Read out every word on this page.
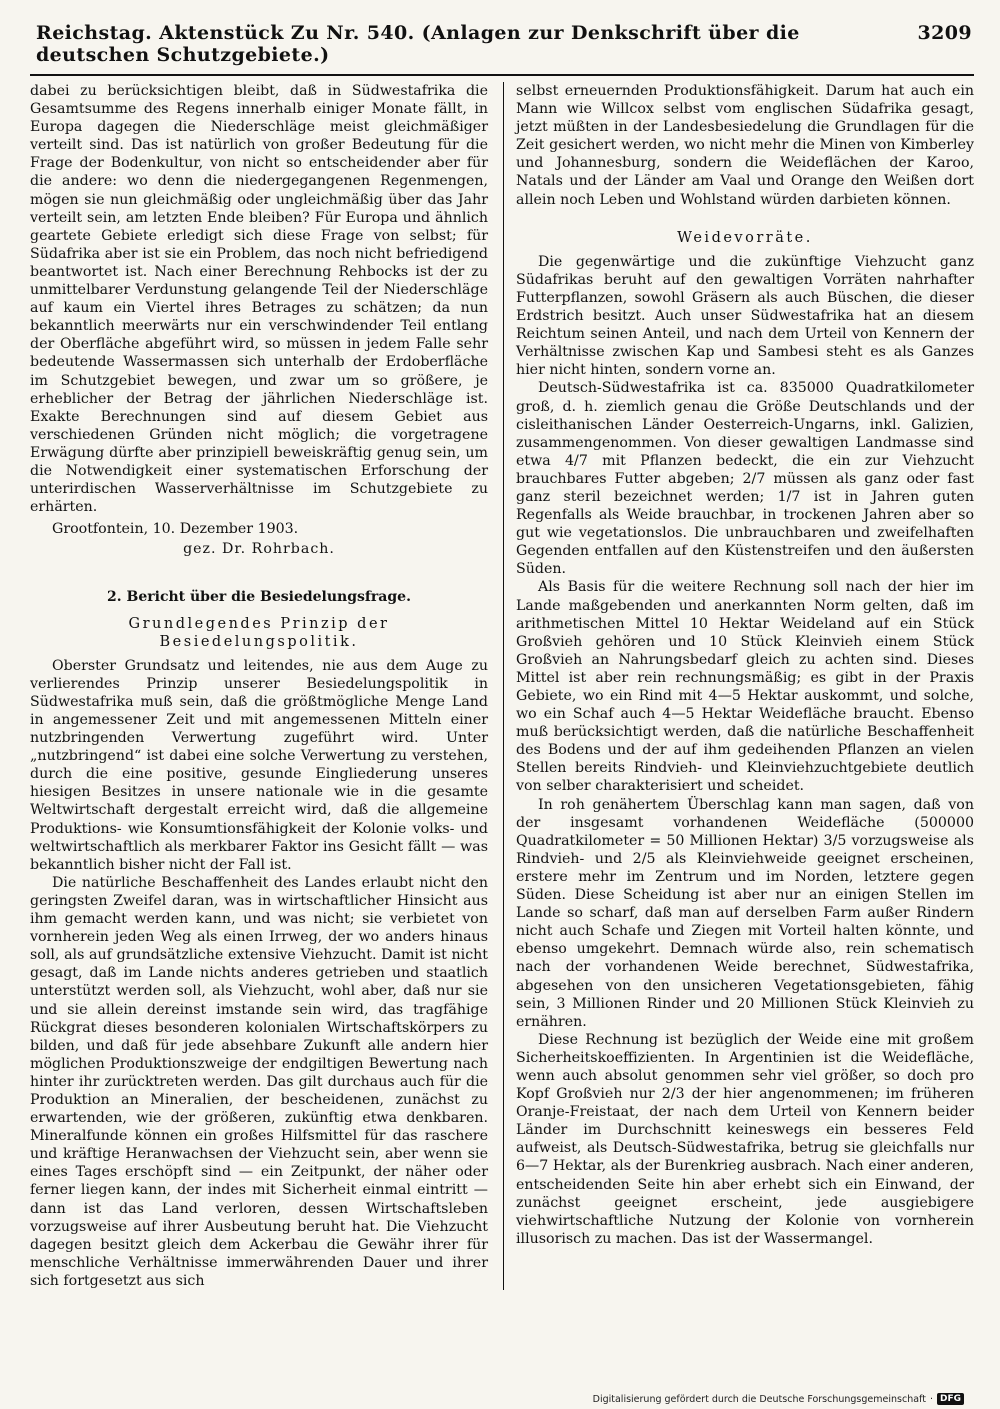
Reichstag. Aktenstück Zu Nr. 540. (Anlagen zur Denkschrift über die deutschen Schutzgebiete.)
3209

dabei zu berücksichtigen bleibt, daß in Südwestafrika die Gesamtsumme des Regens innerhalb einiger Monate fällt, in Europa dagegen die Niederschläge meist gleichmäßiger verteilt sind. Das ist natürlich von großer Bedeutung für die Frage der Bodenkultur, von nicht so entscheidender aber für die andere: wo denn die niedergegangenen Regenmengen, mögen sie nun gleichmäßig oder ungleichmäßig über das Jahr verteilt sein, am letzten Ende bleiben? Für Europa und ähnlich geartete Gebiete erledigt sich diese Frage von selbst; für Südafrika aber ist sie ein Problem, das noch nicht befriedigend beantwortet ist. Nach einer Berechnung Rehbocks ist der zu unmittelbarer Verdunstung gelangende Teil der Niederschläge auf kaum ein Viertel ihres Betrages zu schätzen; da nun bekanntlich meerwärts nur ein verschwindender Teil entlang der Oberfläche abgeführt wird, so müssen in jedem Falle sehr bedeutende Wassermassen sich unterhalb der Erdoberfläche im Schutzgebiet bewegen, und zwar um so größere, je erheblicher der Betrag der jährlichen Niederschläge ist. Exakte Berechnungen sind auf diesem Gebiet aus verschiedenen Gründen nicht möglich; die vorgetragene Erwägung dürfte aber prinzipiell beweiskräftig genug sein, um die Notwendigkeit einer systematischen Erforschung der unterirdischen Wasserverhältnisse im Schutzgebiete zu erhärten.

Grootfontein, 10. Dezember 1903.

gez. Dr. Rohrbach.

2. Bericht über die Besiedelungsfrage.

Grundlegendes Prinzip der Besiedelungspolitik.

Oberster Grundsatz und leitendes, nie aus dem Auge zu verlierendes Prinzip unserer Besiedelungspolitik in Südwestafrika muß sein, daß die größtmögliche Menge Land in angemessener Zeit und mit angemessenen Mitteln einer nutzbringenden Verwertung zugeführt wird. Unter „nutzbringend“ ist dabei eine solche Verwertung zu verstehen, durch die eine positive, gesunde Eingliederung unseres hiesigen Besitzes in unsere nationale wie in die gesamte Weltwirtschaft dergestalt erreicht wird, daß die allgemeine Produktions- wie Konsumtionsfähigkeit der Kolonie volks- und weltwirtschaftlich als merkbarer Faktor ins Gesicht fällt — was bekanntlich bisher nicht der Fall ist.

Die natürliche Beschaffenheit des Landes erlaubt nicht den geringsten Zweifel daran, was in wirtschaftlicher Hinsicht aus ihm gemacht werden kann, und was nicht; sie verbietet von vornherein jeden Weg als einen Irrweg, der wo anders hinaus soll, als auf grundsätzliche extensive Viehzucht. Damit ist nicht gesagt, daß im Lande nichts anderes getrieben und staatlich unterstützt werden soll, als Viehzucht, wohl aber, daß nur sie und sie allein dereinst imstande sein wird, das tragfähige Rückgrat dieses besonderen kolonialen Wirtschaftskörpers zu bilden, und daß für jede absehbare Zukunft alle andern hier möglichen Produktionszweige der endgiltigen Bewertung nach hinter ihr zurücktreten werden. Das gilt durchaus auch für die Produktion an Mineralien, der bescheidenen, zunächst zu erwartenden, wie der größeren, zukünftig etwa denkbaren. Mineralfunde können ein großes Hilfsmittel für das raschere und kräftige Heranwachsen der Viehzucht sein, aber wenn sie eines Tages erschöpft sind — ein Zeitpunkt, der näher oder ferner liegen kann, der indes mit Sicherheit einmal eintritt — dann ist das Land verloren, dessen Wirtschaftsleben vorzugsweise auf ihrer Ausbeutung beruht hat. Die Viehzucht dagegen besitzt gleich dem Ackerbau die Gewähr ihrer für menschliche Verhältnisse immerwährenden Dauer und ihrer sich fortgesetzt aus sich

selbst erneuernden Produktionsfähigkeit. Darum hat auch ein Mann wie Willcox selbst vom englischen Südafrika gesagt, jetzt müßten in der Landesbesiedelung die Grundlagen für die Zeit gesichert werden, wo nicht mehr die Minen von Kimberley und Johannesburg, sondern die Weideflächen der Karoo, Natals und der Länder am Vaal und Orange den Weißen dort allein noch Leben und Wohlstand würden darbieten können.

Weidevorräte.

Die gegenwärtige und die zukünftige Viehzucht ganz Südafrikas beruht auf den gewaltigen Vorräten nahrhafter Futterpflanzen, sowohl Gräsern als auch Büschen, die dieser Erdstrich besitzt. Auch unser Südwestafrika hat an diesem Reichtum seinen Anteil, und nach dem Urteil von Kennern der Verhältnisse zwischen Kap und Sambesi steht es als Ganzes hier nicht hinten, sondern vorne an.

Deutsch-Südwestafrika ist ca. 835000 Quadratkilometer groß, d. h. ziemlich genau die Größe Deutschlands und der cisleithanischen Länder Oesterreich-Ungarns, inkl. Galizien, zusammengenommen. Von dieser gewaltigen Landmasse sind etwa 4/7 mit Pflanzen bedeckt, die ein zur Viehzucht brauchbares Futter abgeben; 2/7 müssen als ganz oder fast ganz steril bezeichnet werden; 1/7 ist in Jahren guten Regenfalls als Weide brauchbar, in trockenen Jahren aber so gut wie vegetationslos. Die unbrauchbaren und zweifelhaften Gegenden entfallen auf den Küstenstreifen und den äußersten Süden.

Als Basis für die weitere Rechnung soll nach der hier im Lande maßgebenden und anerkannten Norm gelten, daß im arithmetischen Mittel 10 Hektar Weideland auf ein Stück Großvieh gehören und 10 Stück Kleinvieh einem Stück Großvieh an Nahrungsbedarf gleich zu achten sind. Dieses Mittel ist aber rein rechnungsmäßig; es gibt in der Praxis Gebiete, wo ein Rind mit 4—5 Hektar auskommt, und solche, wo ein Schaf auch 4—5 Hektar Weidefläche braucht. Ebenso muß berücksichtigt werden, daß die natürliche Beschaffenheit des Bodens und der auf ihm gedeihenden Pflanzen an vielen Stellen bereits Rindvieh- und Kleinviehzuchtgebiete deutlich von selber charakterisiert und scheidet.

In roh genähertem Überschlag kann man sagen, daß von der insgesamt vorhandenen Weidefläche (500000 Quadratkilometer = 50 Millionen Hektar) 3/5 vorzugsweise als Rindvieh- und 2/5 als Kleinviehweide geeignet erscheinen, erstere mehr im Zentrum und im Norden, letztere gegen Süden. Diese Scheidung ist aber nur an einigen Stellen im Lande so scharf, daß man auf derselben Farm außer Rindern nicht auch Schafe und Ziegen mit Vorteil halten könnte, und ebenso umgekehrt. Demnach würde also, rein schematisch nach der vorhandenen Weide berechnet, Südwestafrika, abgesehen von den unsicheren Vegetationsgebieten, fähig sein, 3 Millionen Rinder und 20 Millionen Stück Kleinvieh zu ernähren.

Diese Rechnung ist bezüglich der Weide eine mit großem Sicherheitskoeffizienten. In Argentinien ist die Weidefläche, wenn auch absolut genommen sehr viel größer, so doch pro Kopf Großvieh nur 2/3 der hier angenommenen; im früheren Oranje-Freistaat, der nach dem Urteil von Kennern beider Länder im Durchschnitt keineswegs ein besseres Feld aufweist, als Deutsch-Südwestafrika, betrug sie gleichfalls nur 6—7 Hektar, als der Burenkrieg ausbrach. Nach einer anderen, entscheidenden Seite hin aber erhebt sich ein Einwand, der zunächst geeignet erscheint, jede ausgiebigere viehwirtschaftliche Nutzung der Kolonie von vornherein illusorisch zu machen. Das ist der Wassermangel.

Digitalisierung gefördert durch die Deutsche Forschungsgemeinschaft · DFG
